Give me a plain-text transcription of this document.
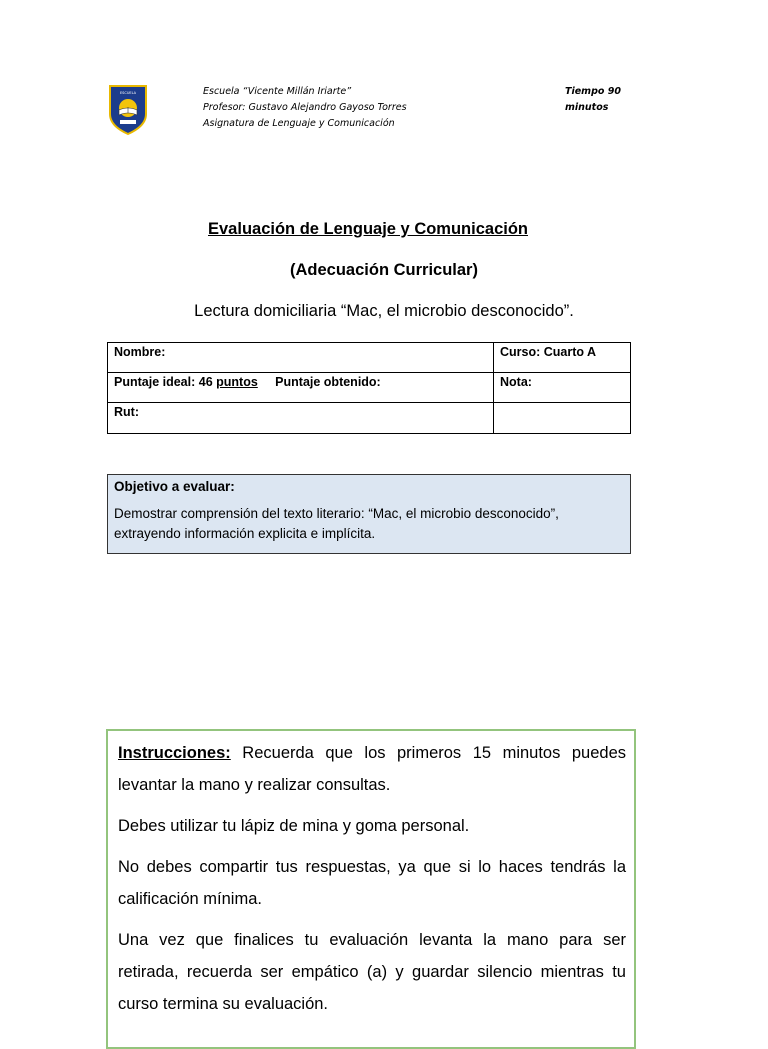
ESCUELA	Escuela “Vicente Millán Iriarte”
Profesor: Gustavo Alejandro Gayoso Torres
Asignatura de Lenguaje y Comunicación
Tiempo 90
minutos
Evaluación de Lenguaje y Comunicación
(Adecuación Curricular)
Lectura domiciliaria “Mac, el microbio desconocido”.
Nombre:	Curso: Cuarto A
Puntaje ideal: 46 puntos Puntaje obtenido:	Nota:
Rut:	
Objetivo a evaluar:
Demostrar comprensión del texto literario: “Mac, el microbio desconocido”, extrayendo información explicita e implícita.

Instrucciones: Recuerda que los primeros 15 minutos puedes levantar la mano y realizar consultas.

Debes utilizar tu lápiz de mina y goma personal.

No debes compartir tus respuestas, ya que si lo haces tendrás la calificación mínima.

Una vez que finalices tu evaluación levanta la mano para ser retirada, recuerda ser empático (a) y guardar silencio mientras tu curso termina su evaluación.
